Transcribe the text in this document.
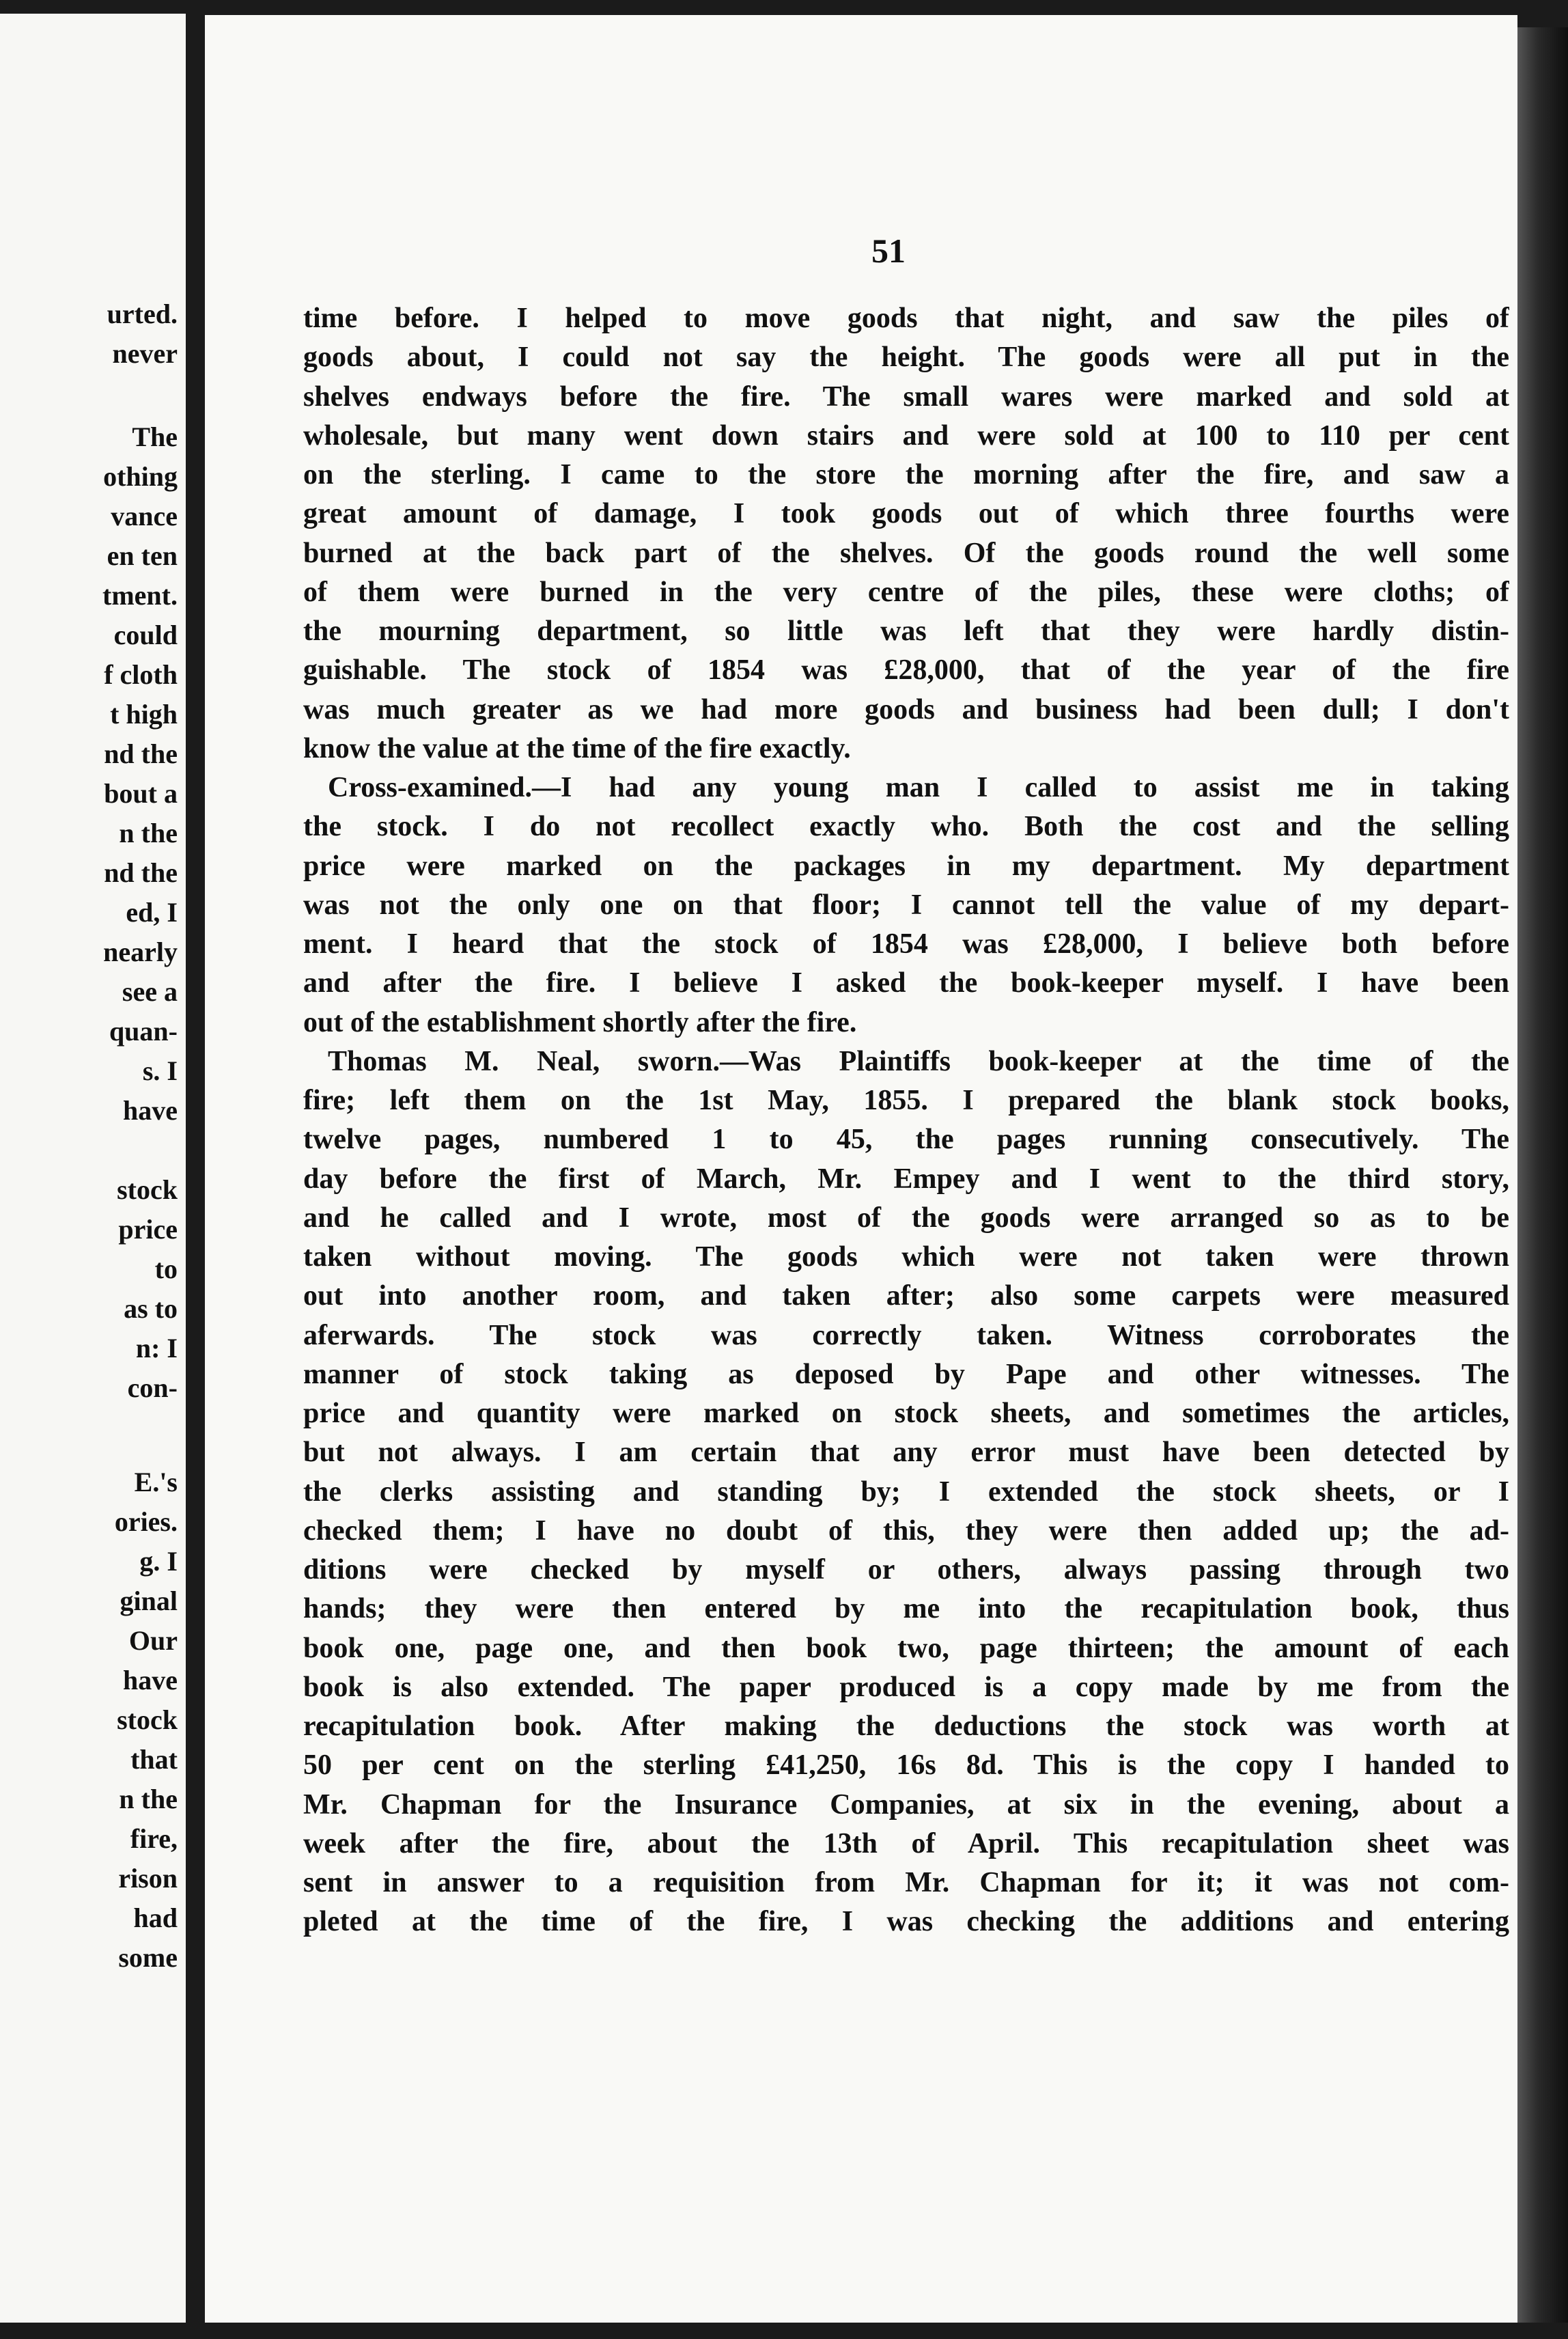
urted.
never
The
othing
vance
en ten
tment.
could
f cloth
t high
nd the
bout a
n the
nd the
ed, I
nearly
see a
quan-
s. I
have
stock
price
to
as to
n: I
con-
E.'s
ories.
g. I
ginal
Our
have
stock
that
n the
fire,
rison
had
some
51
time before. I helped to move goods that night, and saw the piles of
goods about, I could not say the height. The goods were all put in the
shelves endways before the fire. The small wares were marked and sold at
wholesale, but many went down stairs and were sold at 100 to 110 per cent
on the sterling. I came to the store the morning after the fire, and saw a
great amount of damage, I took goods out of which three fourths were
burned at the back part of the shelves. Of the goods round the well some
of them were burned in the very centre of the piles, these were cloths; of
the mourning department, so little was left that they were hardly distin-
guishable. The stock of 1854 was £28,000, that of the year of the fire
was much greater as we had more goods and business had been dull; I don't
know the value at the time of the fire exactly.
Cross-examined.—I had any young man I called to assist me in taking
the stock. I do not recollect exactly who. Both the cost and the selling
price were marked on the packages in my department. My department
was not the only one on that floor; I cannot tell the value of my depart-
ment. I heard that the stock of 1854 was £28,000, I believe both before
and after the fire. I believe I asked the book-keeper myself. I have been
out of the establishment shortly after the fire.
Thomas M. Neal, sworn.—Was Plaintiffs book-keeper at the time of the
fire; left them on the 1st May, 1855. I prepared the blank stock books,
twelve pages, numbered 1 to 45, the pages running consecutively. The
day before the first of March, Mr. Empey and I went to the third story,
and he called and I wrote, most of the goods were arranged so as to be
taken without moving. The goods which were not taken were thrown
out into another room, and taken after; also some carpets were measured
aferwards. The stock was correctly taken. Witness corroborates the
manner of stock taking as deposed by Pape and other witnesses. The
price and quantity were marked on stock sheets, and sometimes the articles,
but not always. I am certain that any error must have been detected by
the clerks assisting and standing by; I extended the stock sheets, or I
checked them; I have no doubt of this, they were then added up; the ad-
ditions were checked by myself or others, always passing through two
hands; they were then entered by me into the recapitulation book, thus
book one, page one, and then book two, page thirteen; the amount of each
book is also extended. The paper produced is a copy made by me from the
recapitulation book. After making the deductions the stock was worth at
50 per cent on the sterling £41,250, 16s 8d. This is the copy I handed to
Mr. Chapman for the Insurance Companies, at six in the evening, about a
week after the fire, about the 13th of April. This recapitulation sheet was
sent in answer to a requisition from Mr. Chapman for it; it was not com-
pleted at the time of the fire, I was checking the additions and entering
